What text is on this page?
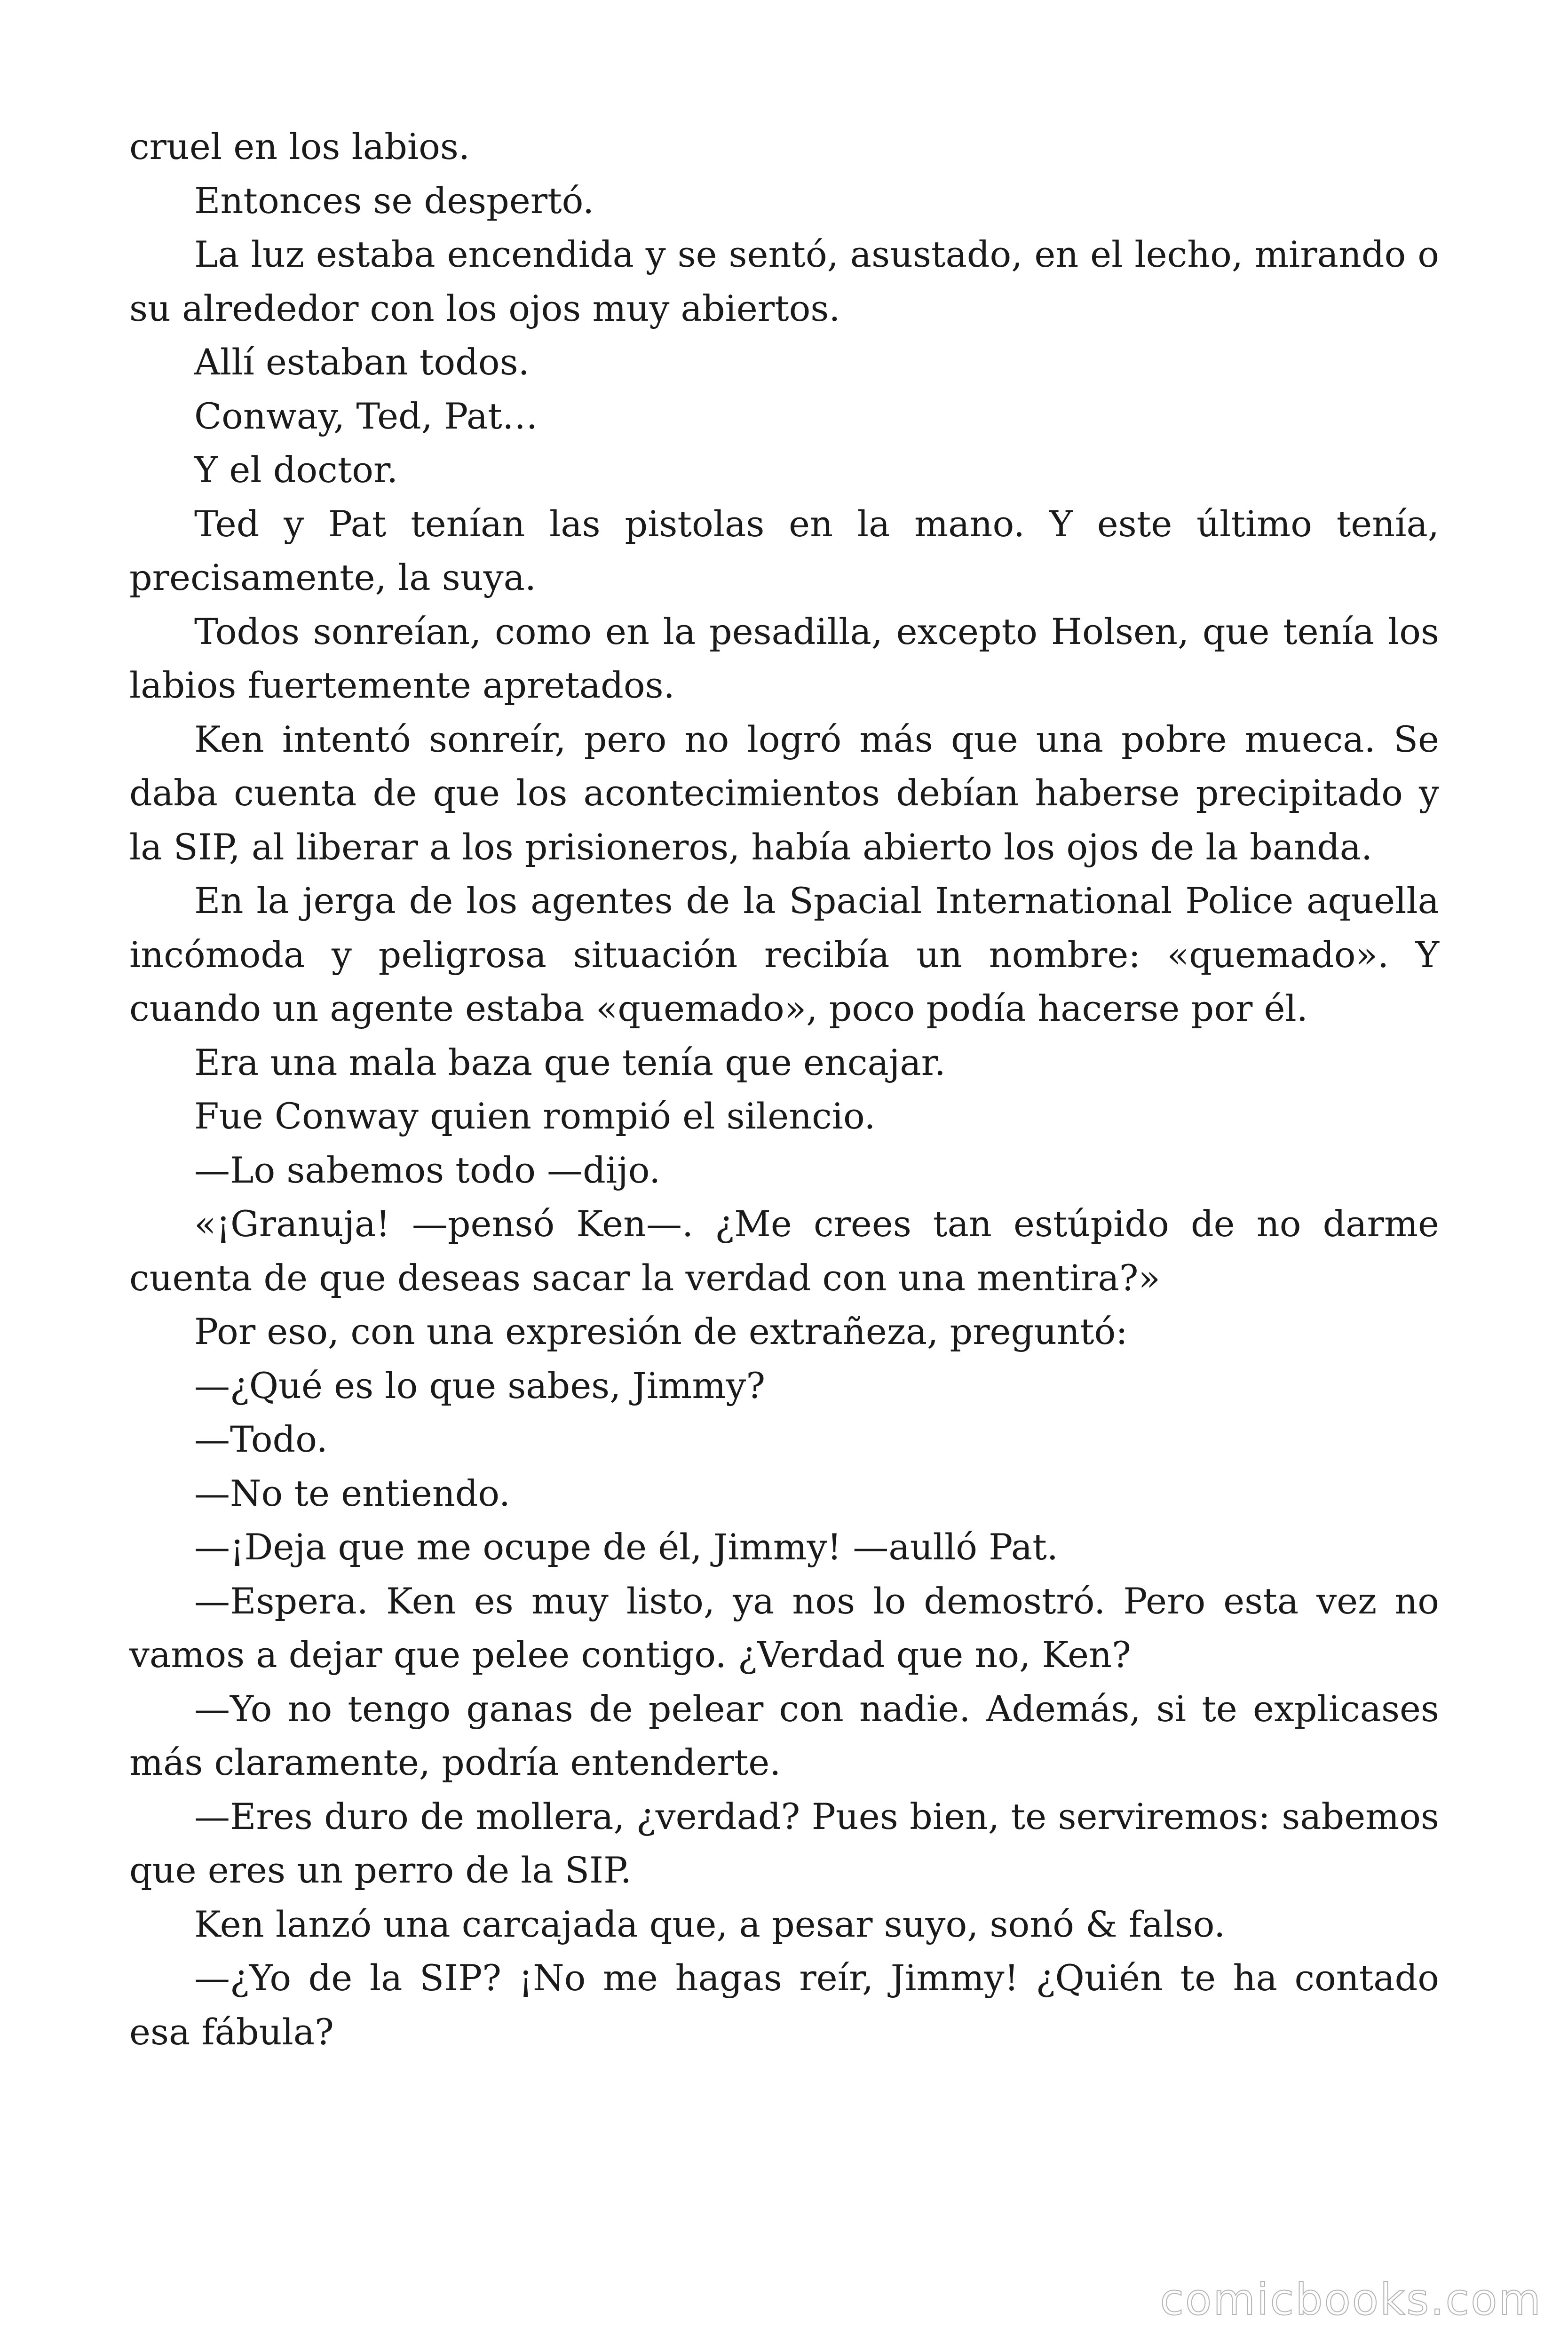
cruel en los labios.

Entonces se despertó.

La luz estaba encendida y se sentó, asustado, en el lecho, mirando o su alrededor con los ojos muy abiertos.

Allí estaban todos.

Conway, Ted, Pat…

Y el doctor.

Ted y Pat tenían las pistolas en la mano. Y este último tenía, precisamente, la suya.

Todos sonreían, como en la pesadilla, excepto Holsen, que tenía los labios fuertemente apretados.

Ken intentó sonreír, pero no logró más que una pobre mueca. Se daba cuenta de que los acontecimientos debían haberse precipitado y la SIP, al liberar a los prisioneros, había abierto los ojos de la banda.

En la jerga de los agentes de la Spacial International Police aquella incómoda y peligrosa situación recibía un nombre: «quemado». Y cuando un agente estaba «quemado», poco podía hacerse por él.

Era una mala baza que tenía que encajar.

Fue Conway quien rompió el silencio.

—Lo sabemos todo —dijo.

«¡Granuja! —pensó Ken—. ¿Me crees tan estúpido de no darme cuenta de que deseas sacar la verdad con una mentira?»

Por eso, con una expresión de extrañeza, preguntó:

—¿Qué es lo que sabes, Jimmy?

—Todo.

—No te entiendo.

—¡Deja que me ocupe de él, Jimmy! —aulló Pat.

—Espera. Ken es muy listo, ya nos lo demostró. Pero esta vez no vamos a dejar que pelee contigo. ¿Verdad que no, Ken?

—Yo no tengo ganas de pelear con nadie. Además, si te explicases más claramente, podría entenderte.

—Eres duro de mollera, ¿verdad? Pues bien, te serviremos: sabemos que eres un perro de la SIP.

Ken lanzó una carcajada que, a pesar suyo, sonó & falso.

—¿Yo de la SIP? ¡No me hagas reír, Jimmy! ¿Quién te ha contado esa fábula?

comicbooks.com
